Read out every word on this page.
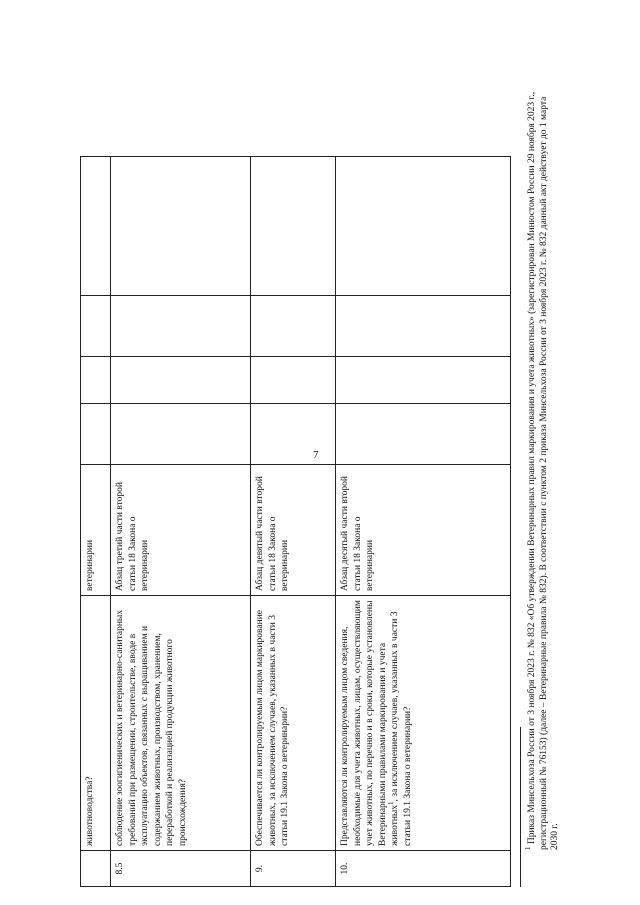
7
	животноводства?	ветеринарии				
8.5	соблюдение зоогигиенических и ветеринарно-санитарных требований при размещении, строительстве, вводе в эксплуатацию объектов, связанных с выращиванием и содержанием животных, производством, хранением, переработкой и реализацией продукции животного происхождения?	Абзац третий части второй статьи 18 Закона о ветеринарии				
9.	Обеспечивается ли контролируемым лицом маркирование животных, за исключением случаев, указанных в части 3 статьи 19.1 Закона о ветеринарии?	Абзац девятый части второй статьи 18 Закона о ветеринарии				
10.	Представляются ли контролируемым лицом сведения, необходимые для учета животных, лицам, осуществляющим учет животных, по перечню и в сроки, которые установлены Ветеринарными правилами маркирования и учета животных$^1$, за исключением случаев, указанных в части 3 статьи 19.1 Закона о ветеринарии?	Абзац десятый части второй статьи 18 Закона о ветеринарии				
$^1$ Приказ Минсельхоза России от 3 ноября 2023 г. № 832 «Об утверждении Ветеринарных правил маркирования и учета животных» (зарегистрирован Минюстом России 29 ноября 2023 г., регистрационный № 76153) (далее – Ветеринарные правила № 832). В соответствии с пунктом 2 приказа Минсельхоза России от 3 ноября 2023 г. № 832 данный акт действует до 1 марта 2030 г.
